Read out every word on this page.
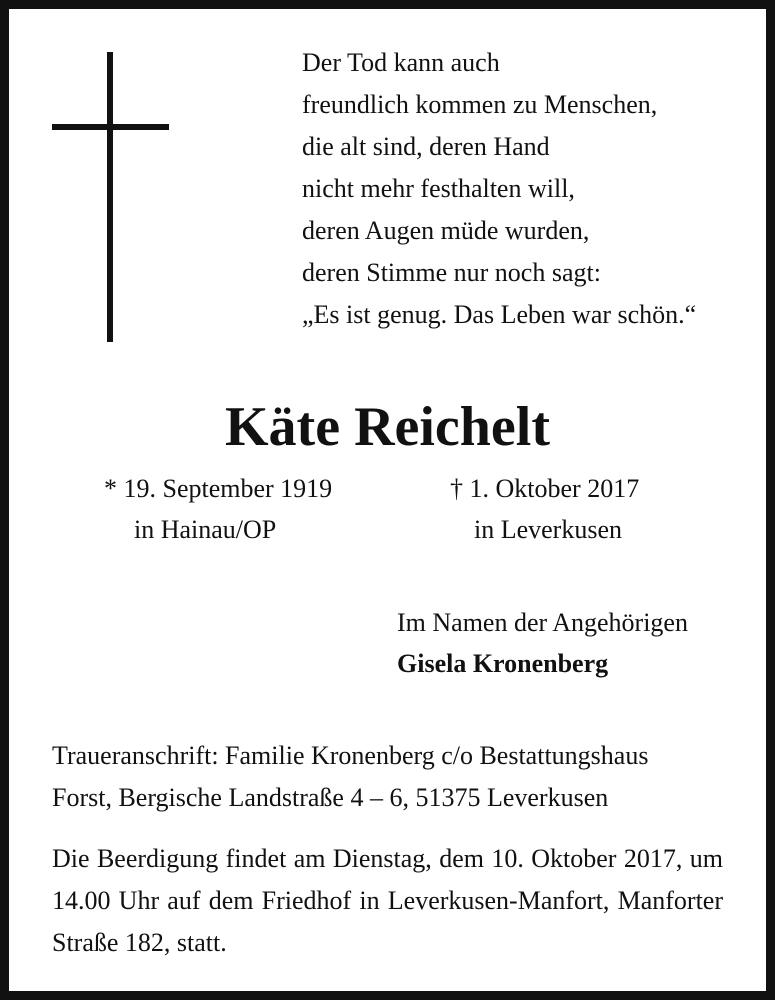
Der Tod kann auch
freundlich kommen zu Menschen,
die alt sind, deren Hand
nicht mehr festhalten will,
deren Augen müde wurden,
deren Stimme nur noch sagt:
„Es ist genug. Das Leben war schön.“
Käte Reichelt
* 19. September 1919
in Hainau/OP
† 1. Oktober 2017
in Leverkusen
Im Namen der Angehörigen
Gisela Kronenberg
Traueranschrift: Familie Kronenberg c/o Bestattungshaus
Forst, Bergische Landstraße 4 – 6, 51375 Leverkusen

Die Beerdigung findet am Dienstag, dem 10. Oktober 2017, um 14.00 Uhr auf dem Friedhof in Leverkusen-Manfort, Manforter Straße 182, statt.
